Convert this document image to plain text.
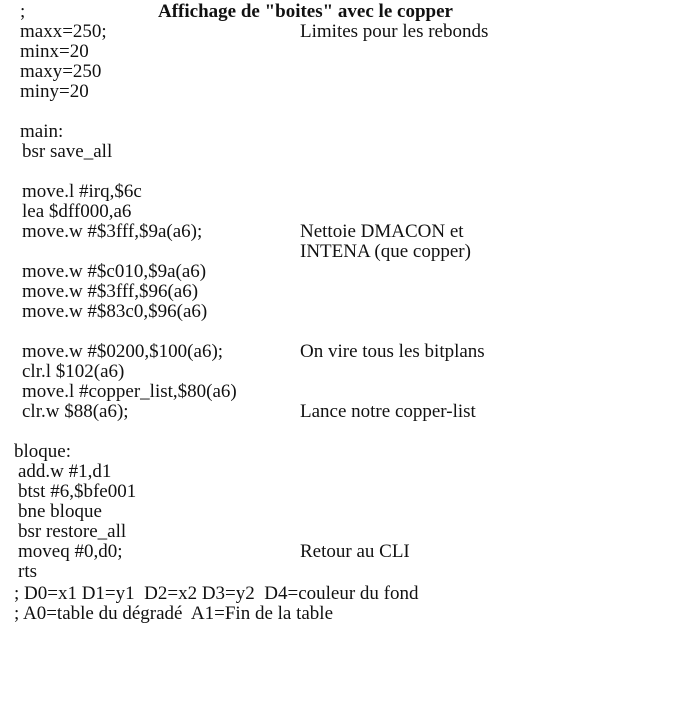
;	Affichage de "boites" avec le copper
maxx=250;	Limites pour les rebonds
minx=20
maxy=250
miny=20
main:
bsr save_all
move.l #irq,$6c
lea $dff000,a6
move.w #$3fff,$9a(a6);	Nettoie DMACON et
INTENA (que copper)
move.w #$c010,$9a(a6)
move.w #$3fff,$96(a6)
move.w #$83c0,$96(a6)
move.w #$0200,$100(a6);	On vire tous les bitplans
clr.l $102(a6)
move.l #copper_list,$80(a6)
clr.w $88(a6);	Lance notre copper-list
bloque:
add.w #1,d1
btst #6,$bfe001
bne bloque
bsr restore_all
moveq #0,d0;	Retour au CLI
rts
; D0=x1 D1=y1  D2=x2 D3=y2  D4=couleur du fond
; A0=table du dégradé  A1=Fin de la table
